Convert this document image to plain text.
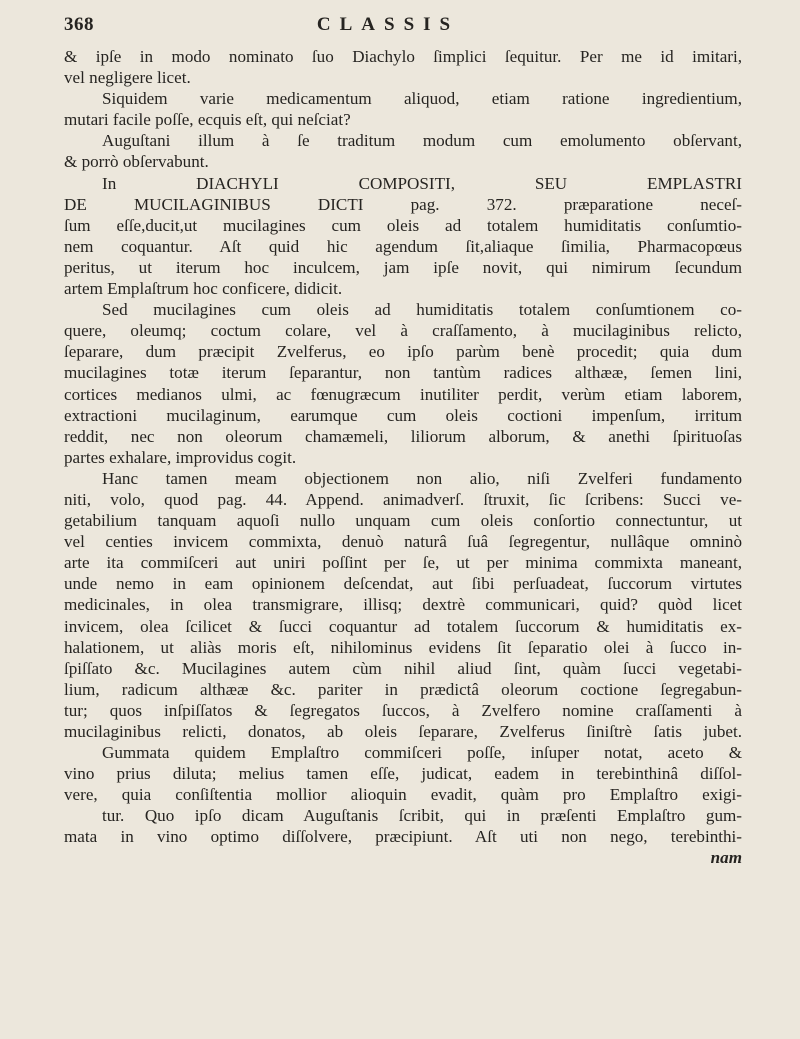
368	CLASSIS
& ipſe in modo nominato ſuo Diachylo ſimplici ſequitur. Per me id imitari,
vel negligere licet.
Siquidem varie medicamentum aliquod, etiam ratione ingredientium,
mutari facile poſſe, ecquis eſt, qui neſciat?
Auguſtani illum à ſe traditum modum cum emolumento obſervant,
& porrò obſervabunt.
In DIACHYLI COMPOSITI, SEU EMPLASTRI
DE MUCILAGINIBUS DICTI pag. 372. præparatione neceſ-
ſum eſſe,ducit,ut mucilagines cum oleis ad totalem humiditatis conſumtio-
nem coquantur. Aſt quid hic agendum ſit,aliaque ſimilia, Pharmacopœus
peritus, ut iterum hoc inculcem, jam ipſe novit, qui nimirum ſecundum
artem Emplaſtrum hoc conficere, didicit.
Sed mucilagines cum oleis ad humiditatis totalem conſumtionem co-
quere, oleumq; coctum colare, vel à craſſamento, à mucilaginibus relicto,
ſeparare, dum præcipit Zvelferus, eo ipſo parùm benè procedit; quia dum
mucilagines totæ iterum ſeparantur, non tantùm radices althææ, ſemen lini,
cortices medianos ulmi, ac fœnugræcum inutiliter perdit, verùm etiam laborem,
extractioni mucilaginum, earumque cum oleis coctioni impenſum, irritum
reddit, nec non oleorum chamæmeli, liliorum alborum, & anethi ſpirituoſas
partes exhalare, improvidus cogit.
Hanc tamen meam objectionem non alio, niſi Zvelferi fundamento
niti, volo, quod pag. 44. Append. animadverſ. ſtruxit, ſic ſcribens: Succi ve-
getabilium tanquam aquoſi nullo unquam cum oleis conſortio connectuntur, ut
vel centies invicem commixta, denuò naturâ ſuâ ſegregentur, nullâque omninò
arte ita commiſceri aut uniri poſſint per ſe, ut per minima commixta maneant,
unde nemo in eam opinionem deſcendat, aut ſibi perſuadeat, ſuccorum virtutes
medicinales, in olea transmigrare, illisq; dextrè communicari, quid? quòd licet
invicem, olea ſcilicet & ſucci coquantur ad totalem ſuccorum & humiditatis ex-
halationem, ut aliàs moris eſt, nihilominus evidens ſit ſeparatio olei à ſucco in-
ſpiſſato &c. Mucilagines autem cùm nihil aliud ſint, quàm ſucci vegetabi-
lium, radicum althææ &c. pariter in prædictâ oleorum coctione ſegregabun-
tur; quos inſpiſſatos & ſegregatos ſuccos, à Zvelfero nomine craſſamenti à
mucilaginibus relicti, donatos, ab oleis ſeparare, Zvelferus ſiniſtrè ſatis jubet.
Gummata quidem Emplaſtro commiſceri poſſe, inſuper notat, aceto &
vino prius diluta; melius tamen eſſe, judicat, eadem in terebinthinâ diſſol-
vere, quia conſiſtentia mollior alioquin evadit, quàm pro Emplaſtro exigi-
tur. Quo ipſo dicam Auguſtanis ſcribit, qui in præſenti Emplaſtro gum-
mata in vino optimo diſſolvere, præcipiunt. Aſt uti non nego, terebinthi-
nam
